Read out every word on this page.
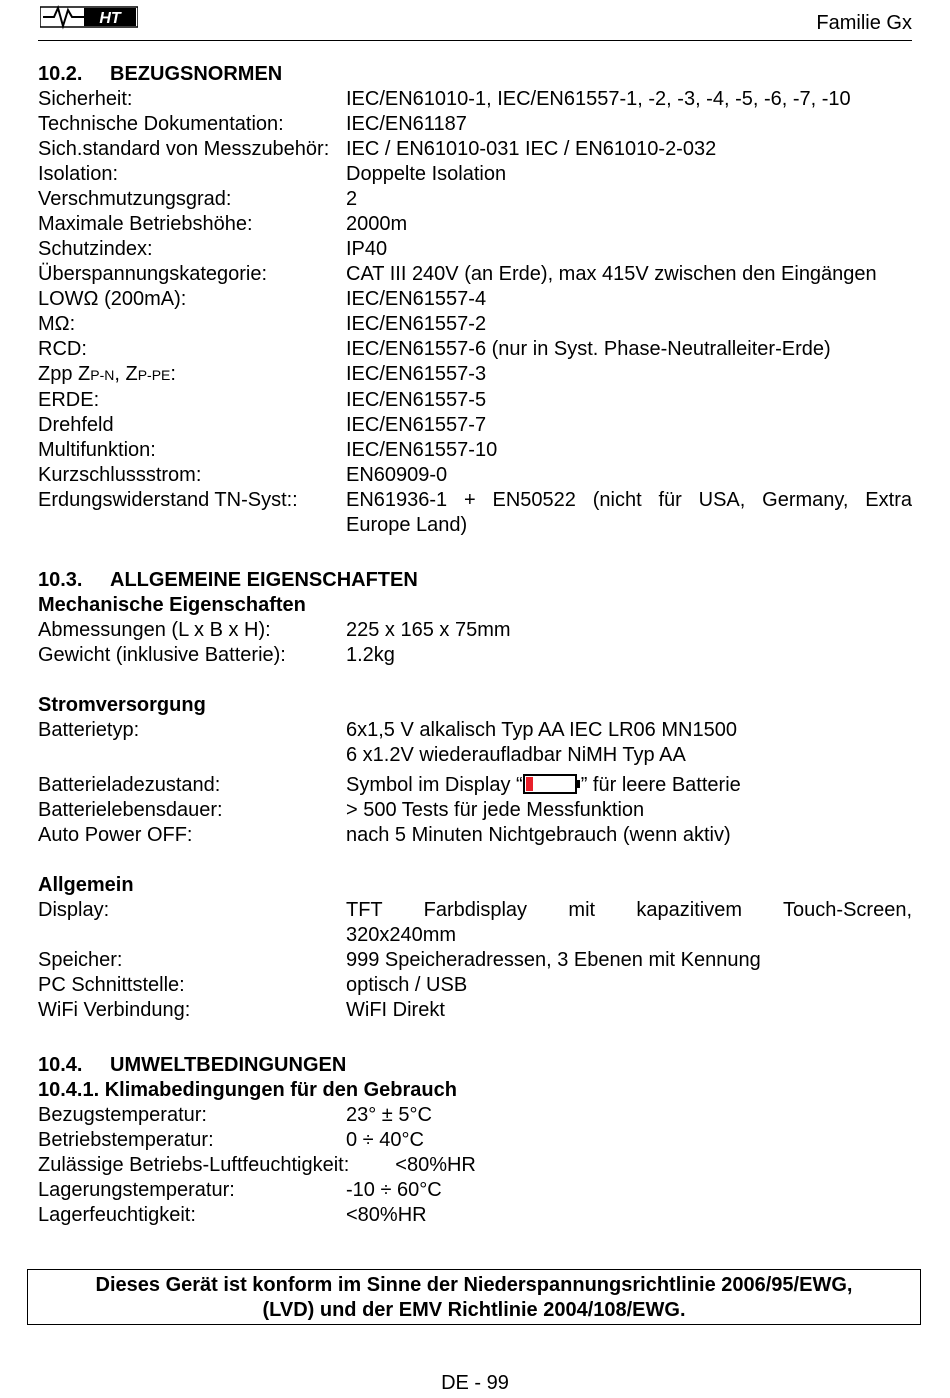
HT	Familie Gx
10.2. BEZUGSNORMEN
Sicherheit:	IEC/EN61010-1, IEC/EN61557-1, -2, -3, -4, -5, -6, -7, -10
Technische Dokumentation:	IEC/EN61187
Sich.standard von Messzubehör: IEC / EN61010-031 IEC / EN61010-2-032
Isolation:	Doppelte Isolation
Verschmutzungsgrad:	2
Maximale Betriebshöhe:	2000m
Schutzindex:	IP40
Überspannungskategorie:	CAT III 240V (an Erde), max 415V zwischen den Eingängen
LOWΩ (200mA):	IEC/EN61557-4
MΩ:	IEC/EN61557-2
RCD:	IEC/EN61557-6 (nur in Syst. Phase-Neutralleiter-Erde)
Zpp ZP-N, ZP-PE:	IEC/EN61557-3
ERDE:	IEC/EN61557-5
Drehfeld	IEC/EN61557-7
Multifunktion:	IEC/EN61557-10
Kurzschlussstrom:	EN60909-0
Erdungswiderstand TN-Syst::	EN61936-1 + EN50522 (nicht für USA, Germany, Extra
Europe Land)
10.3. ALLGEMEINE EIGENSCHAFTEN
Mechanische Eigenschaften
Abmessungen (L x B x H):	225 x 165 x 75mm
Gewicht (inklusive Batterie):	1.2kg
Stromversorgung
Batterietyp:	6x1,5 V alkalisch Typ AA IEC LR06 MN1500
6 x1.2V wiederaufladbar NiMH Typ AA
Batterieladezustand:	Symbol im Display “	” für leere Batterie
Batterielebensdauer:	> 500 Tests für jede Messfunktion
Auto Power OFF:	nach 5 Minuten Nichtgebrauch (wenn aktiv)
Allgemein
Display:	TFT Farbdisplay mit kapazitivem Touch-Screen,
320x240mm
Speicher:	999 Speicheradressen, 3 Ebenen mit Kennung
PC Schnittstelle:	optisch / USB
WiFi Verbindung:	WiFI Direkt
10.4. UMWELTBEDINGUNGEN
10.4.1. Klimabedingungen für den Gebrauch
Bezugstemperatur:	23° ± 5°C
Betriebstemperatur:	0 ÷ 40°C
Zulässige Betriebs-Luftfeuchtigkeit: <80%HR
Lagerungstemperatur:	-10 ÷ 60°C
Lagerfeuchtigkeit:	<80%HR
Dieses Gerät ist konform im Sinne der Niederspannungsrichtlinie 2006/95/EWG,
(LVD) und der EMV Richtlinie 2004/108/EWG.
DE - 99
